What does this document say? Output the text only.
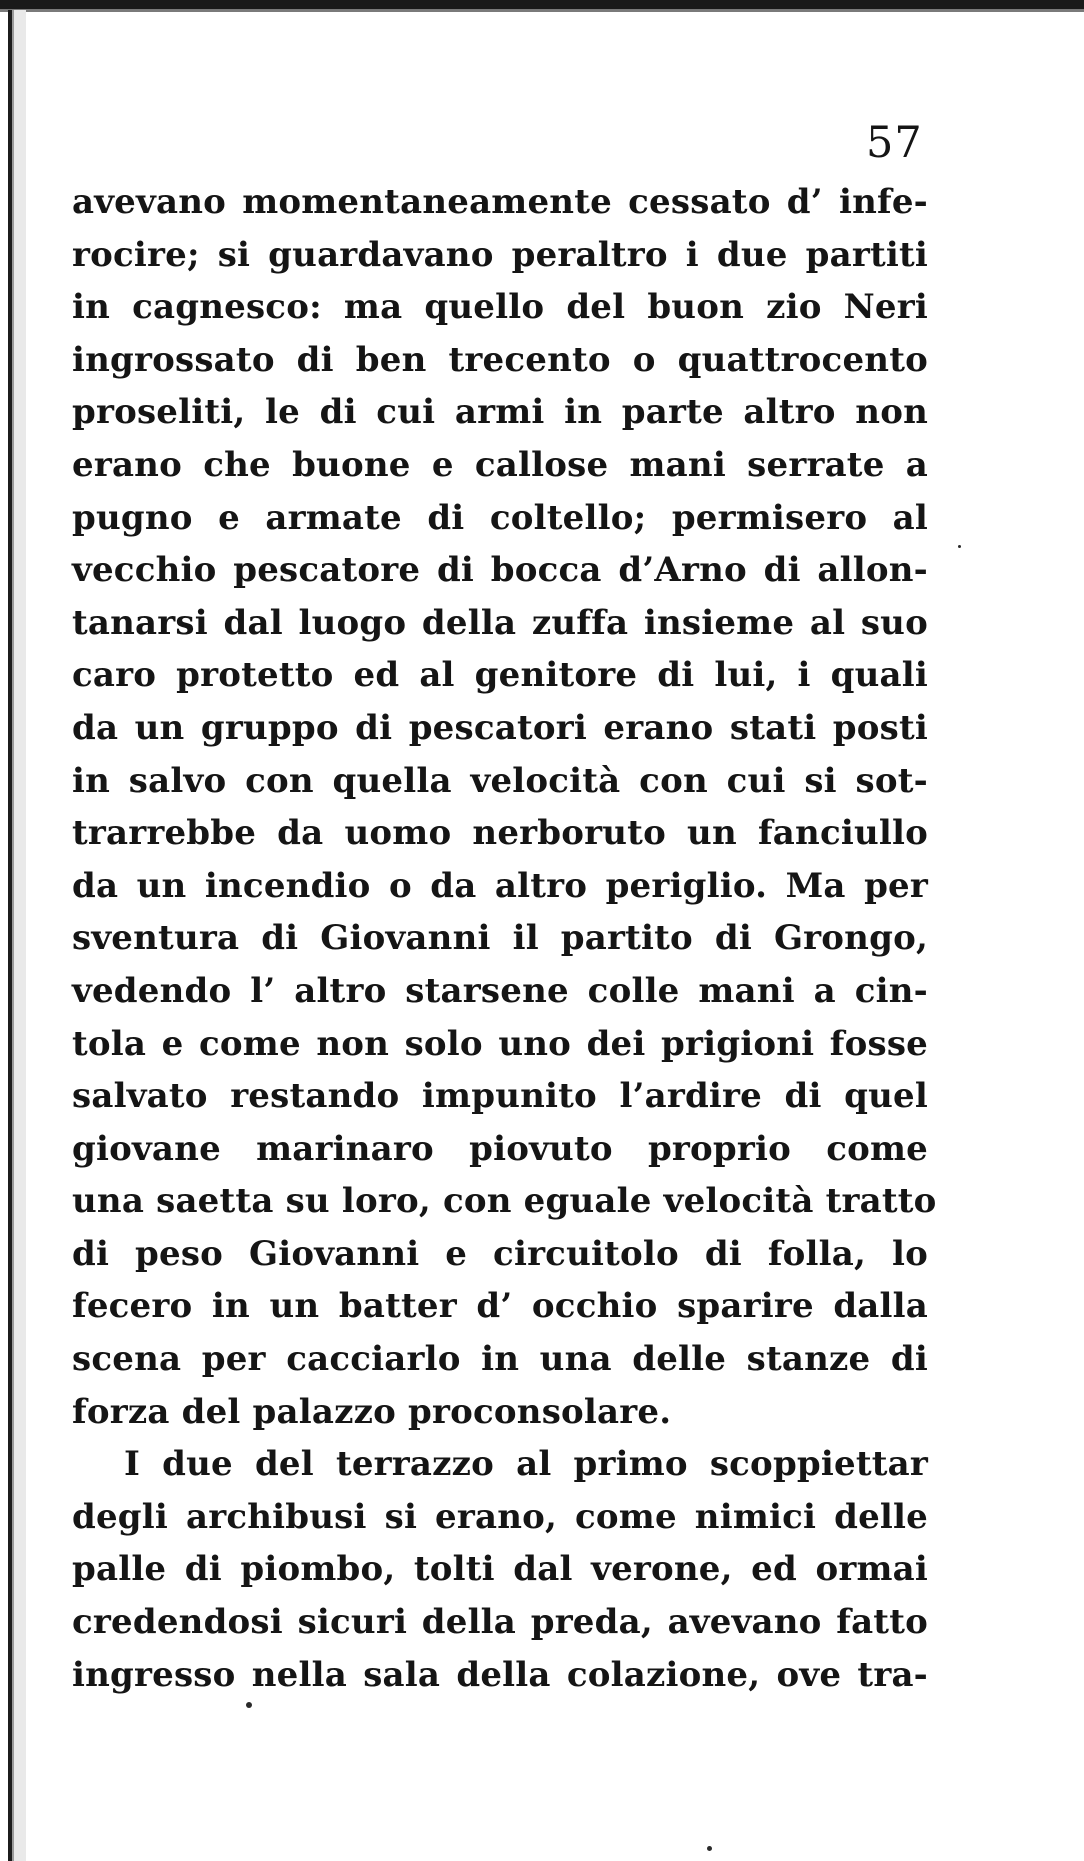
57
avevano momentaneamente cessato d’ infe-
rocire; si guardavano peraltro i due partiti
in cagnesco: ma quello del buon zio Neri
ingrossato di ben trecento o quattrocento
proseliti, le di cui armi in parte altro non
erano che buone e callose mani serrate a
pugno e armate di coltello; permisero al
vecchio pescatore di bocca d’Arno di allon-
tanarsi dal luogo della zuffa insieme al suo
caro protetto ed al genitore di lui, i quali
da un gruppo di pescatori erano stati posti
in salvo con quella velocità con cui si sot-
trarrebbe da uomo nerboruto un fanciullo
da un incendio o da altro periglio. Ma per
sventura di Giovanni il partito di Grongo,
vedendo l’ altro starsene colle mani a cin-
tola e come non solo uno dei prigioni fosse
salvato restando impunito l’ardire di quel
giovane marinaro piovuto proprio come
una saetta su loro, con eguale velocità tratto
di peso Giovanni e circuitolo di folla, lo
fecero in un batter d’ occhio sparire dalla
scena per cacciarlo in una delle stanze di
forza del palazzo proconsolare.
I due del terrazzo al primo scoppiettar
degli archibusi si erano, come nimici delle
palle di piombo, tolti dal verone, ed ormai
credendosi sicuri della preda, avevano fatto
ingresso nella sala della colazione, ove tra-
